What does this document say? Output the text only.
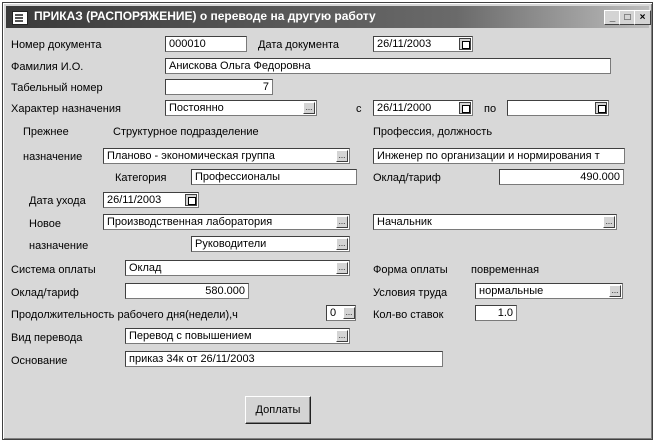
ПРИКАЗ (РАСПОРЯЖЕНИЕ) о переводе на другую работу	_ □ ×
Номер документа	000010	Дата документа	26/11/2003
Фамилия И.О.	Анискова Ольга Федоровна
Табельный номер	7
Характер назначения	Постоянно	...	с	26/11/2000	по
Прежнее	Структурное подразделение	Профессия, должность
назначение	Планово - экономическая группа	...	Инженер по организации и нормирования т
Категория	Профессионалы	Оклад/тариф	490.000
Дата ухода	26/11/2003
Новое	Производственная лаборатория	...	Начальник	...
назначение	Руководители	...
Система оплаты	Оклад	...	Форма оплаты повременная
Оклад/тариф	580.000	Условия труда	нормальные	...
Продолжительность рабочего дня(недели),ч	0	... Кол-во ставок	1.0
Вид перевода	Перевод с повышением	...
Основание	приказ 34к от 26/11/2003
Доплаты
